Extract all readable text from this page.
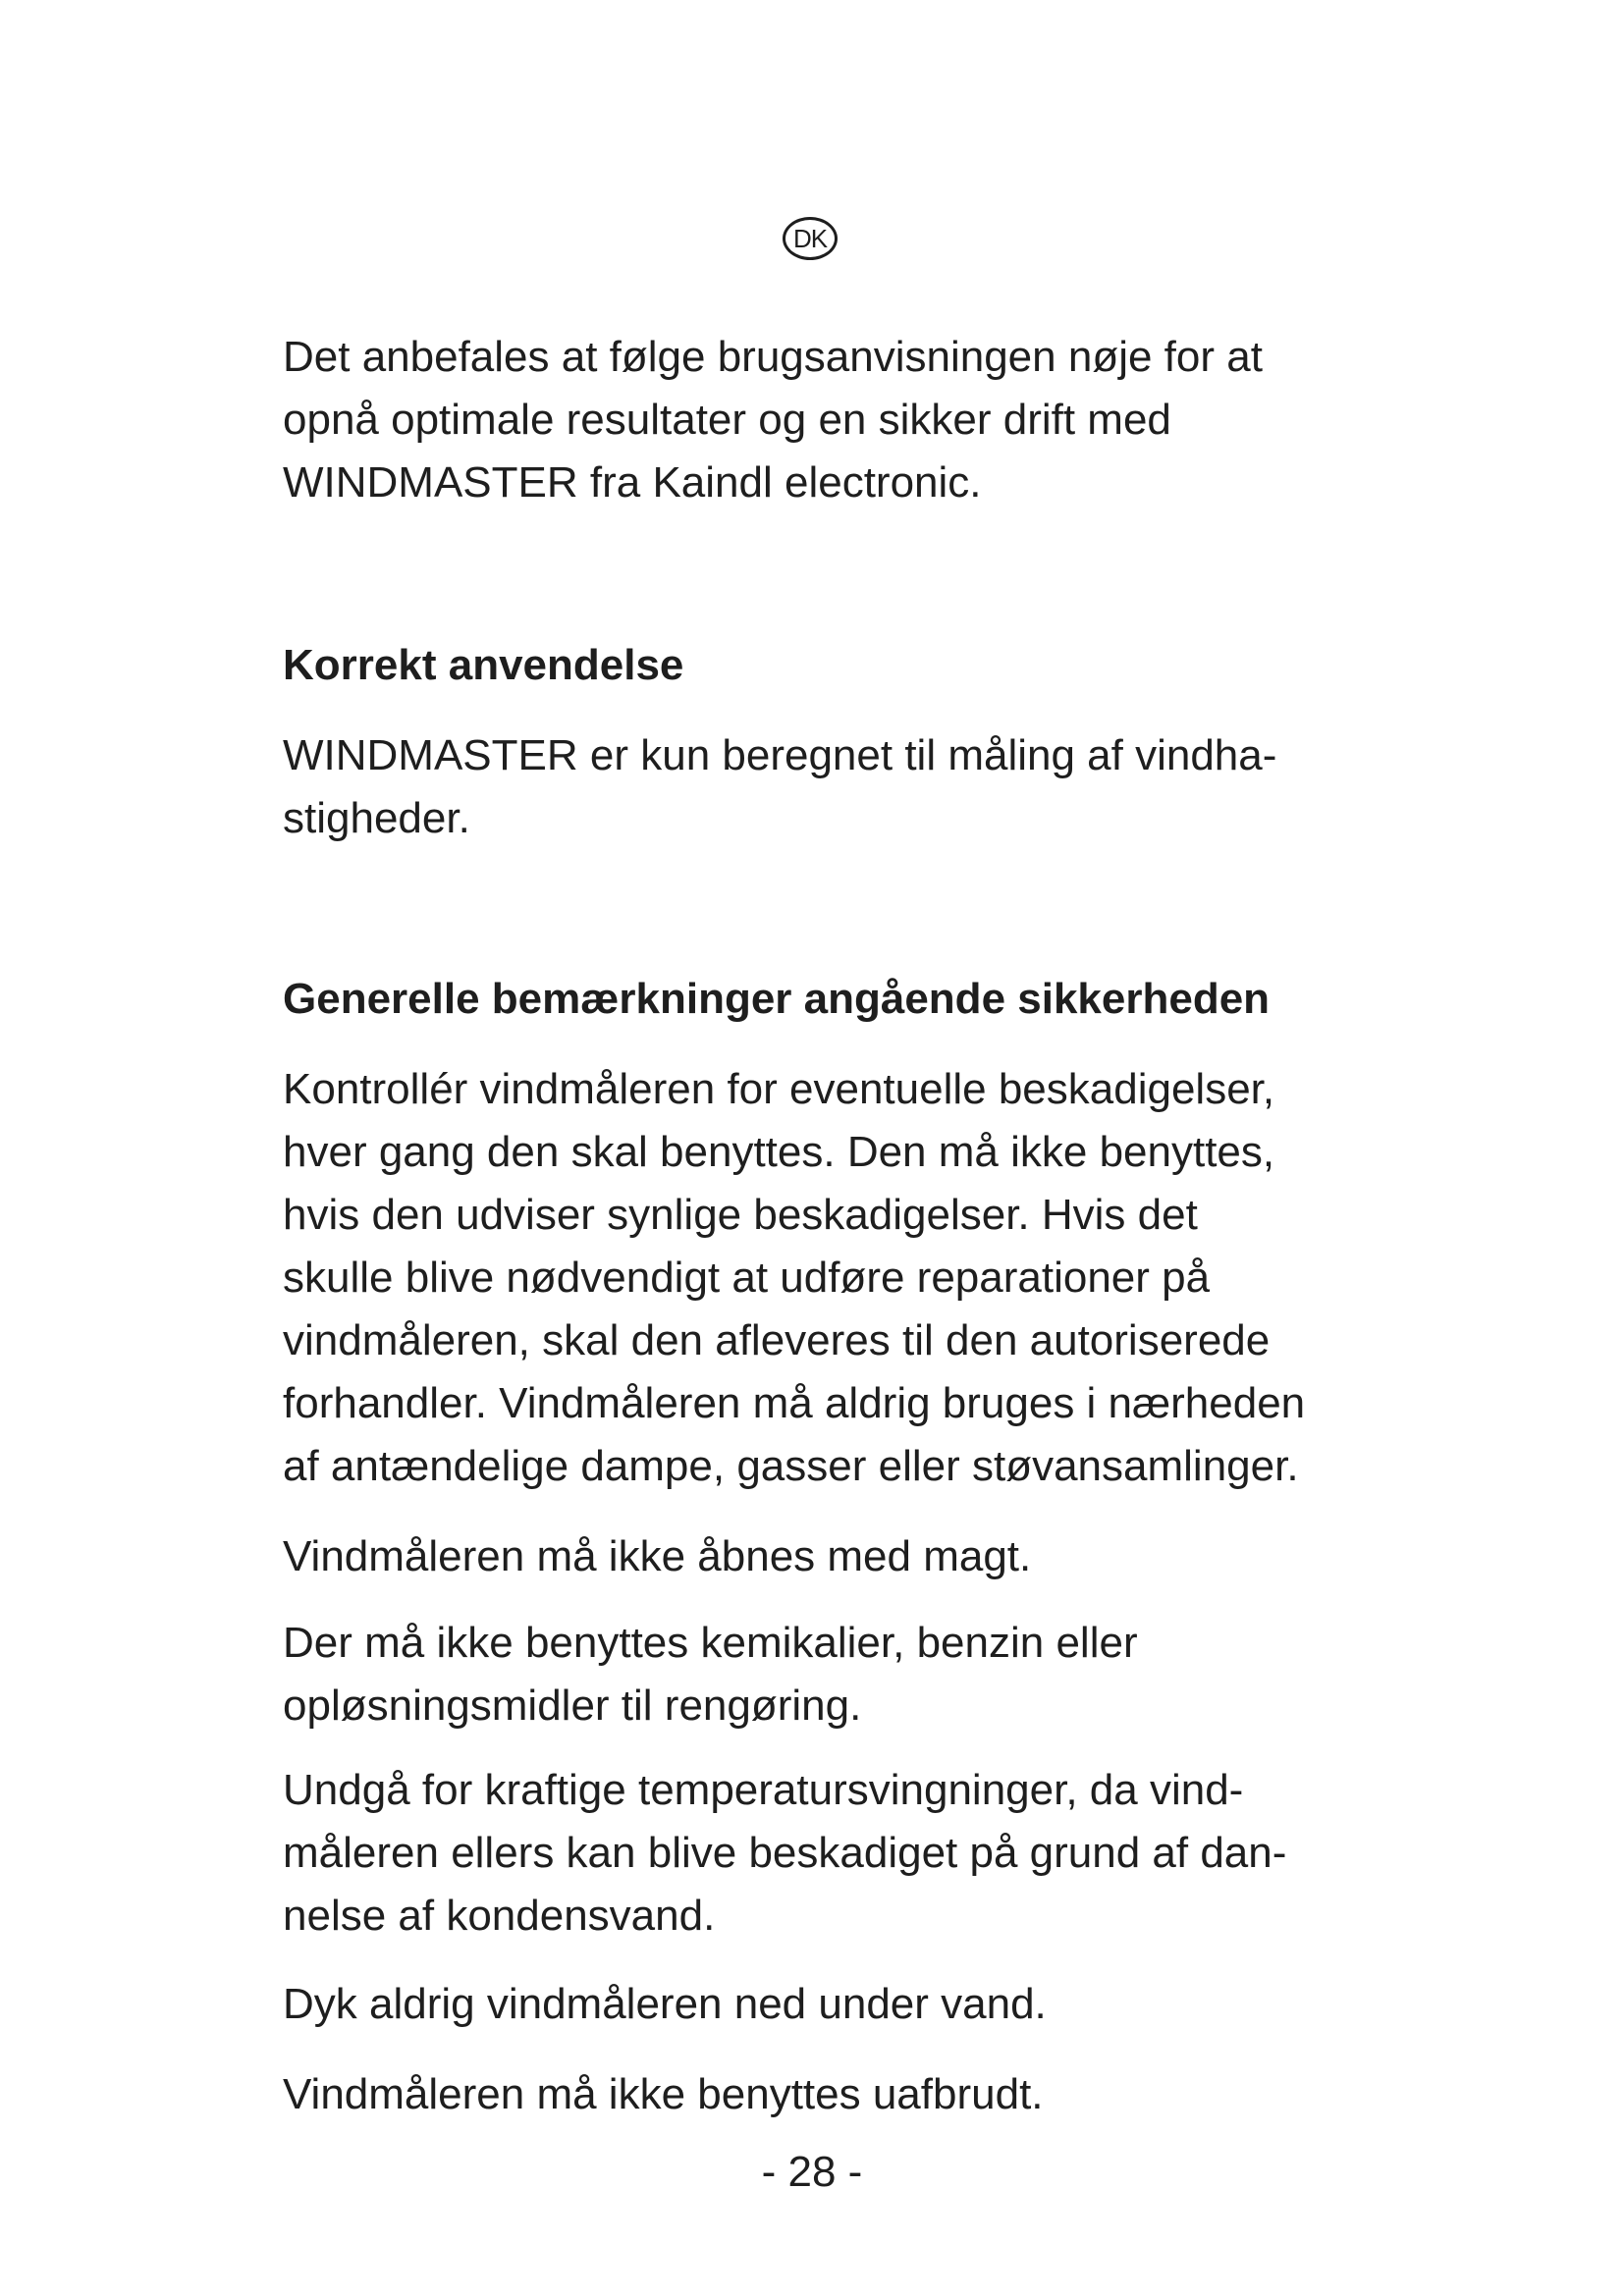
DK

Det anbefales at følge brugsanvisningen nøje for at

opnå optimale resultater og en sikker drift med

WINDMASTER fra Kaindl electronic.

Korrekt anvendelse

WINDMASTER er kun beregnet til måling af vindha-

stigheder.

Generelle bemærkninger angående sikkerheden

Kontrollér vindmåleren for eventuelle beskadigelser,

hver gang den skal benyttes. Den må ikke benyttes,

hvis den udviser synlige beskadigelser. Hvis det

skulle blive nødvendigt at udføre reparationer på

vindmåleren, skal den afleveres til den autoriserede

forhandler. Vindmåleren må aldrig bruges i nærheden

af antændelige dampe, gasser eller støvansamlinger.

Vindmåleren må ikke åbnes med magt.

Der må ikke benyttes kemikalier, benzin eller

opløsningsmidler til rengøring.

Undgå for kraftige temperatursvingninger, da vind-

måleren ellers kan blive beskadiget på grund af dan-

nelse af kondensvand.

Dyk aldrig vindmåleren ned under vand.

Vindmåleren må ikke benyttes uafbrudt.

- 28 -
